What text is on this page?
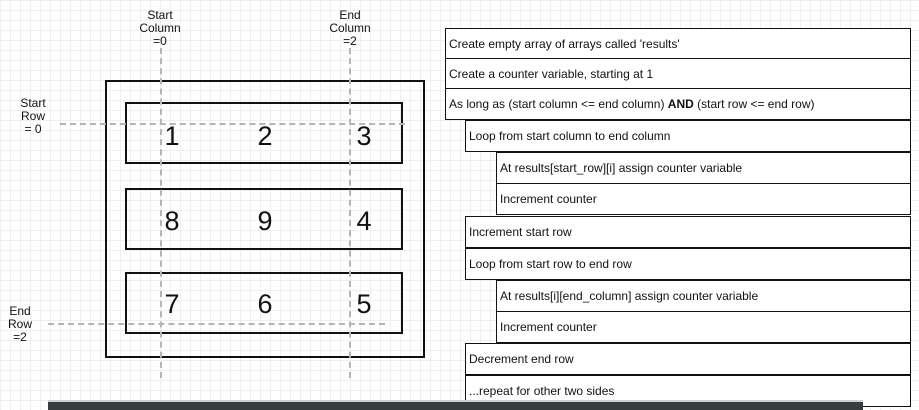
Start
Column
=0
End
Column
=2
Start
Row
= 0
End
Row
=2
1	2	3
8	9	4
7	6	5
Create empty array of arrays called 'results'
Create a counter variable, starting at 1
As long as (start column <= end column) AND (start row <= end row)
Loop from start column to end column
At results[start_row][i] assign counter variable
Increment counter
Increment start row
Loop from start row to end row
At results[i][end_column] assign counter variable
Increment counter
Decrement end row
...repeat for other two sides
